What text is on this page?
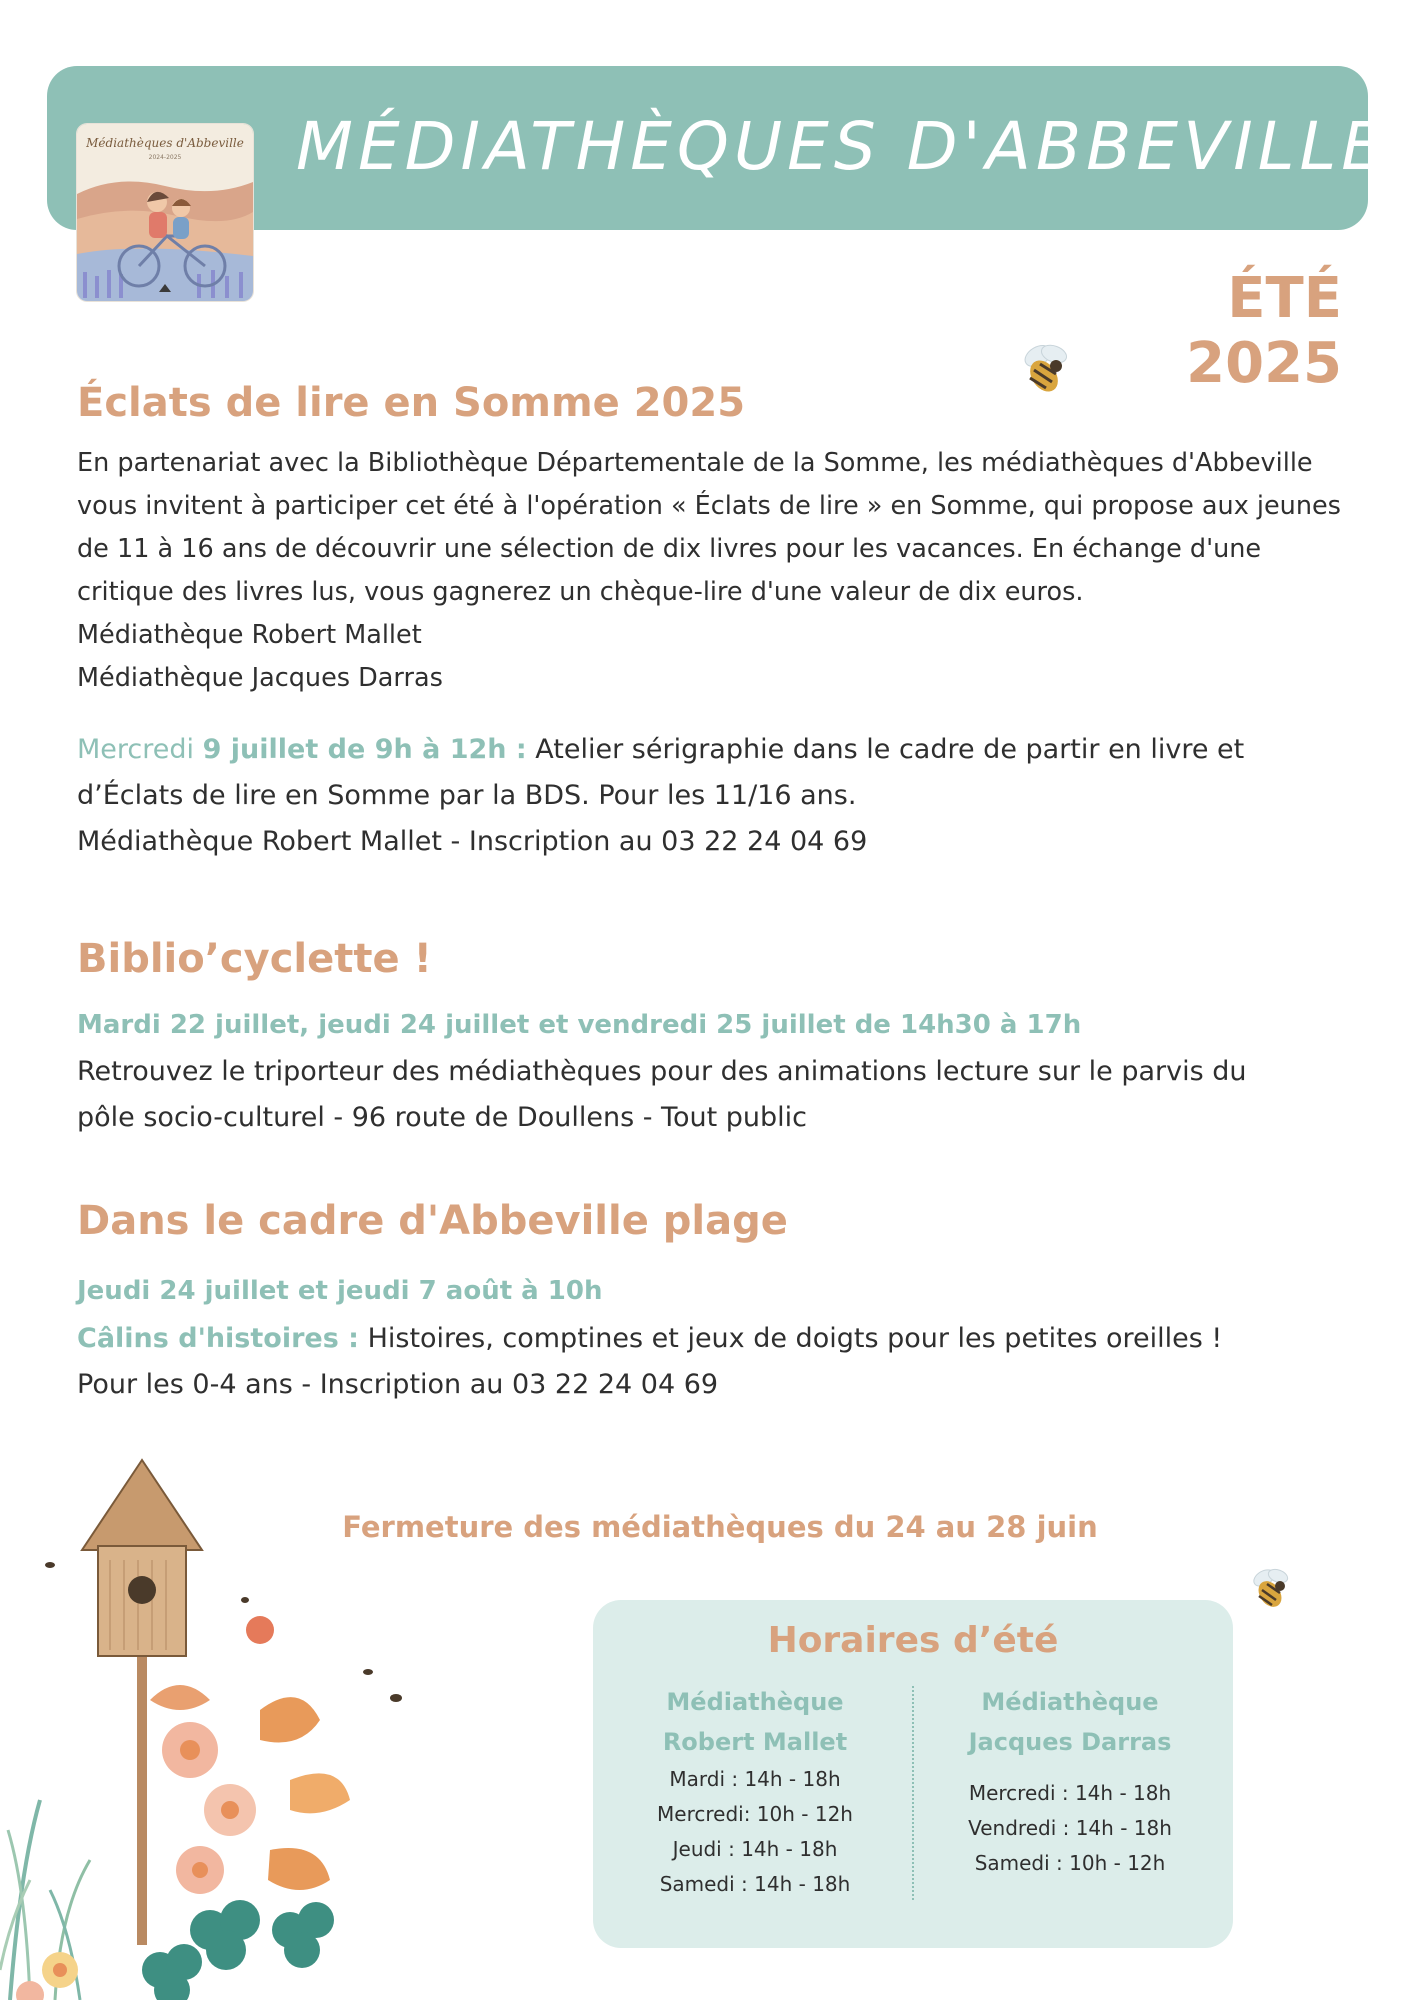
MÉDIATHÈQUES D'ABBEVILLE
Médiathèques d'Abbeville
2024-2025
ÉTÉ 2025
Éclats de lire en Somme 2025
En partenariat avec la Bibliothèque Départementale de la Somme, les médiathèques d'Abbeville
vous invitent à participer cet été à l'opération « Éclats de lire » en Somme, qui propose aux jeunes
de 11 à 16 ans de découvrir une sélection de dix livres pour les vacances. En échange d'une
critique des livres lus, vous gagnerez un chèque-lire d'une valeur de dix euros.
Médiathèque Robert Mallet
Médiathèque Jacques Darras
Mercredi 9 juillet de 9h à 12h : Atelier sérigraphie dans le cadre de partir en livre et
d’Éclats de lire en Somme par la BDS. Pour les 11/16 ans.
Médiathèque Robert Mallet - Inscription au 03 22 24 04 69
Biblio’cyclette !
Mardi 22 juillet, jeudi 24 juillet et vendredi 25 juillet de 14h30 à 17h
Retrouvez le triporteur des médiathèques pour des animations lecture sur le parvis du
pôle socio-culturel - 96 route de Doullens - Tout public
Dans le cadre d'Abbeville plage
Jeudi 24 juillet et jeudi 7 août à 10h
Câlins d'histoires : Histoires, comptines et jeux de doigts pour les petites oreilles !
Pour les 0-4 ans - Inscription au 03 22 24 04 69
Fermeture des médiathèques du 24 au 28 juin
Horaires d’été
Médiathèque
Robert Mallet
Mardi : 14h - 18h
Mercredi: 10h - 12h
Jeudi : 14h - 18h
Samedi : 14h - 18h
Médiathèque
Jacques Darras
Mercredi : 14h - 18h
Vendredi : 14h - 18h
Samedi : 10h - 12h
